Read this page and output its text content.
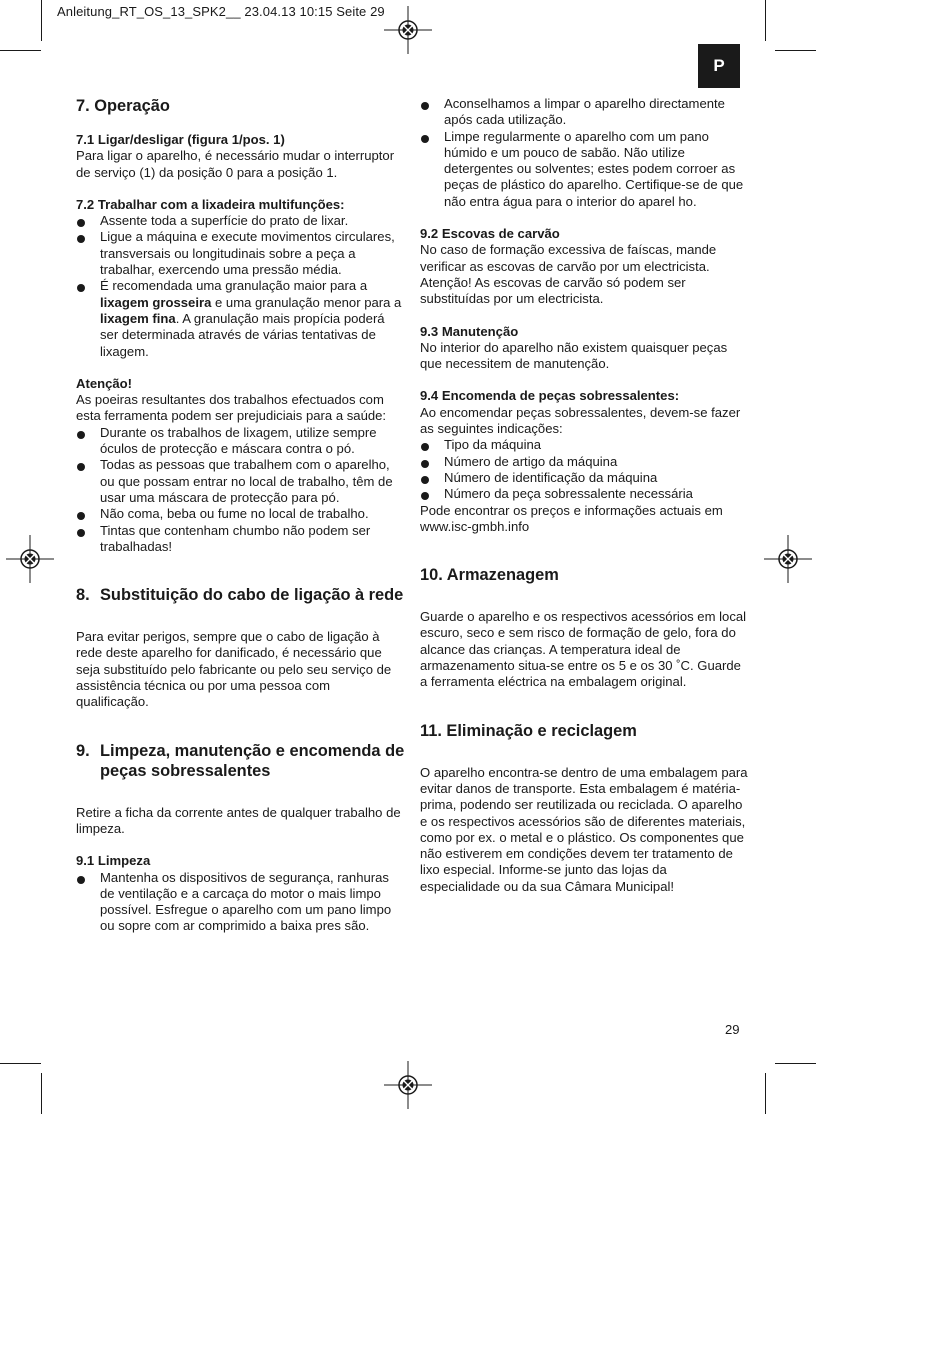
Anleitung_RT_OS_13_SPK2__ 23.04.13 10:15 Seite 29
P
7. Operação
7.1 Ligar/desligar (figura 1/pos. 1)

Para ligar o aparelho, é necessário mudar o interruptor de serviço (1) da posição 0 para a posição 1.

7.2 Trabalhar com a lixadeira multifunções:
Assente toda a superfície do prato de lixar.
Ligue a máquina e execute movimentos circulares, transversais ou longitudinais sobre a peça a trabalhar, exercendo uma pressão média.
É recomendada uma granulação maior para a lixagem grosseira e uma granulação menor para a lixagem fina. A granulação mais propícia poderá ser determinada através de várias tentativas de lixagem.
Atenção!

As poeiras resultantes dos trabalhos efectuados com esta ferramenta podem ser prejudiciais para a saúde:

Durante os trabalhos de lixagem, utilize sempre óculos de protecção e máscara contra o pó.
Todas as pessoas que trabalhem com o aparelho, ou que possam entrar no local de trabalho, têm de usar uma máscara de protecção para pó.
Não coma, beba ou fume no local de trabalho.
Tintas que contenham chumbo não podem ser trabalhadas!
8. Substituição do cabo de ligação à rede

Para evitar perigos, sempre que o cabo de ligação à rede deste aparelho for danificado, é necessário que seja substituído pelo fabricante ou pelo seu serviço de assistência técnica ou por uma pessoa com qualificação.

9. Limpeza, manutenção e encomenda de peças sobressalentes

Retire a ficha da corrente antes de qualquer trabalho de limpeza.

9.1 Limpeza
Mantenha os dispositivos de segurança, ranhuras de ventilação e a carcaça do motor o mais limpo possível. Esfregue o aparelho com um pano limpo ou sopre com ar comprimido a baixa pres são.
Aconselhamos a limpar o aparelho directamente após cada utilização.
Limpe regularmente o aparelho com um pano húmido e um pouco de sabão. Não utilize detergentes ou solventes; estes podem corroer as peças de plástico do aparelho. Certifique-se de que não entra água para o interior do aparel ho.
9.2 Escovas de carvão

No caso de formação excessiva de faíscas, mande verificar as escovas de carvão por um electricista.

Atenção! As escovas de carvão só podem ser substituídas por um electricista.

9.3 Manutenção

No interior do aparelho não existem quaisquer peças que necessitem de manutenção.

9.4 Encomenda de peças sobressalentes:

Ao encomendar peças sobressalentes, devem-se fazer as seguintes indicações:

Tipo da máquina
Número de artigo da máquina
Número de identificação da máquina
Número da peça sobressalente necessária

Pode encontrar os preços e informações actuais em www.isc-gmbh.info

10. Armazenagem

Guarde o aparelho e os respectivos acessórios em local escuro, seco e sem risco de formação de gelo, fora do alcance das crianças. A temperatura ideal de armazenamento situa-se entre os 5 e os 30 ˚C. Guarde a ferramenta eléctrica na embalagem original.

11. Eliminação e reciclagem

O aparelho encontra-se dentro de uma embalagem para evitar danos de transporte. Esta embalagem é matéria-prima, podendo ser reutilizada ou reciclada. O aparelho e os respectivos acessórios são de diferentes materiais, como por ex. o metal e o plástico. Os componentes que não estiverem em condições devem ter tratamento de lixo especial. Informe-se junto das lojas da especialidade ou da sua Câmara Municipal!

29
